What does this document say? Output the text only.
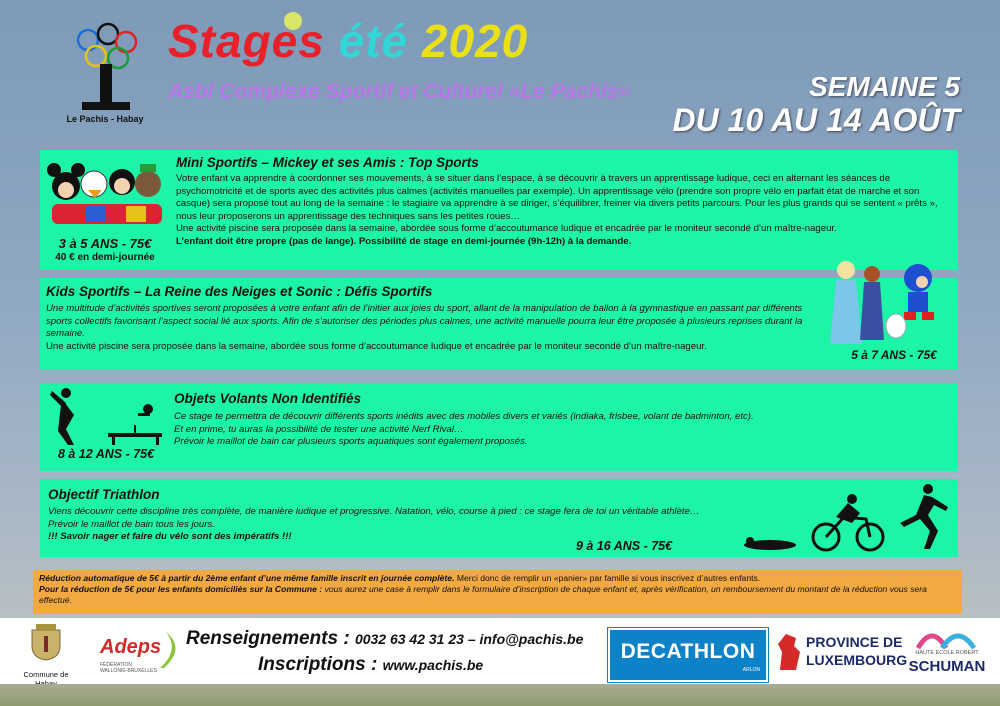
Le Pachis - Habay
Stages été 2020
Asbl Complexe Sportif et Culturel «Le Pachis»	SEMAINE 5
DU 10 AU 14 AOÛT
Mini Sportifs – Mickey et ses Amis : Top Sports

Votre enfant va apprendre à coordonner ses mouvements, à se situer dans l’espace, à se découvrir à travers un apprentissage ludique, ceci en alternant les séances de psychomotricité et de sports avec des activités plus calmes (activités manuelles par exemple). Un apprentissage vélo (prendre son propre vélo en parfait état de marche et son casque) sera proposé tout au long de la semaine : le stagiaire va apprendre à se diriger, s’équilibrer, freiner via divers petits parcours. Pour les plus grands qui se sentent « prêts », nous leur proposerons un apprentissage des techniques sans les petites roues…

Une activité piscine sera proposée dans la semaine, abordée sous forme d’accoutumance ludique et encadrée par le moniteur secondé d’un maître-nageur.

L’enfant doit être propre (pas de lange). Possibilité de stage en demi-journée (9h-12h) à la demande.

3 à 5 ANS - 75€
40 € en demi-journée
Kids Sportifs – La Reine des Neiges et Sonic : Défis Sportifs

Une multitude d’activités sportives seront proposées à votre enfant afin de l’initier aux joies du sport, allant de la manipulation de ballon à la gymnastique en passant par différents sports collectifs favorisant l’aspect social lié aux sports. Afin de s’autoriser des périodes plus calmes, une activité manuelle pourra leur être proposée à plusieurs reprises durant la semaine.

Une activité piscine sera proposée dans la semaine, abordée sous forme d’accoutumance ludique et encadrée par le moniteur secondé d’un maître-nageur.

5 à 7 ANS - 75€
Objets Volants Non Identifiés

Ce stage te permettra de découvrir différents sports inédits avec des mobiles divers et variés (indiaka, frisbee, volant de badminton, etc).

Et en prime, tu auras la possibilité de tester une activité Nerf Rival…

Prévoir le maillot de bain car plusieurs sports aquatiques sont également proposés.

8 à 12 ANS - 75€
Objectif Triathlon

Viens découvrir cette discipline très complète, de manière ludique et progressive. Natation, vélo, course à pied : ce stage fera de toi un véritable athlète…

Prévoir le maillot de bain tous les jours.

!!! Savoir nager et faire du vélo sont des impératifs !!!

9 à 16 ANS - 75€
Réduction automatique de 5€ à partir du 2ème enfant d’une même famille inscrit en journée complète. Merci donc de remplir un «panier» par famille si vous inscrivez d’autres enfants.
Pour la réduction de 5€ pour les enfants domiciliés sur la Commune : vous aurez une case à remplir dans le formulaire d’inscription de chaque enfant et, après vérification, un remboursement du montant de la réduction vous sera effectué.
Commune de
Adeps
FÉDÉRATION WALLONIE-BRUXELLES
Renseignements : 0032 63 42 31 23 – info@pachis.be
Inscriptions : www.pachis.be
DECATHLON
ARLON
PROVINCE DE
LUXEMBOURG	HAUTE ÉCOLE ROBERT
SCHUMAN
